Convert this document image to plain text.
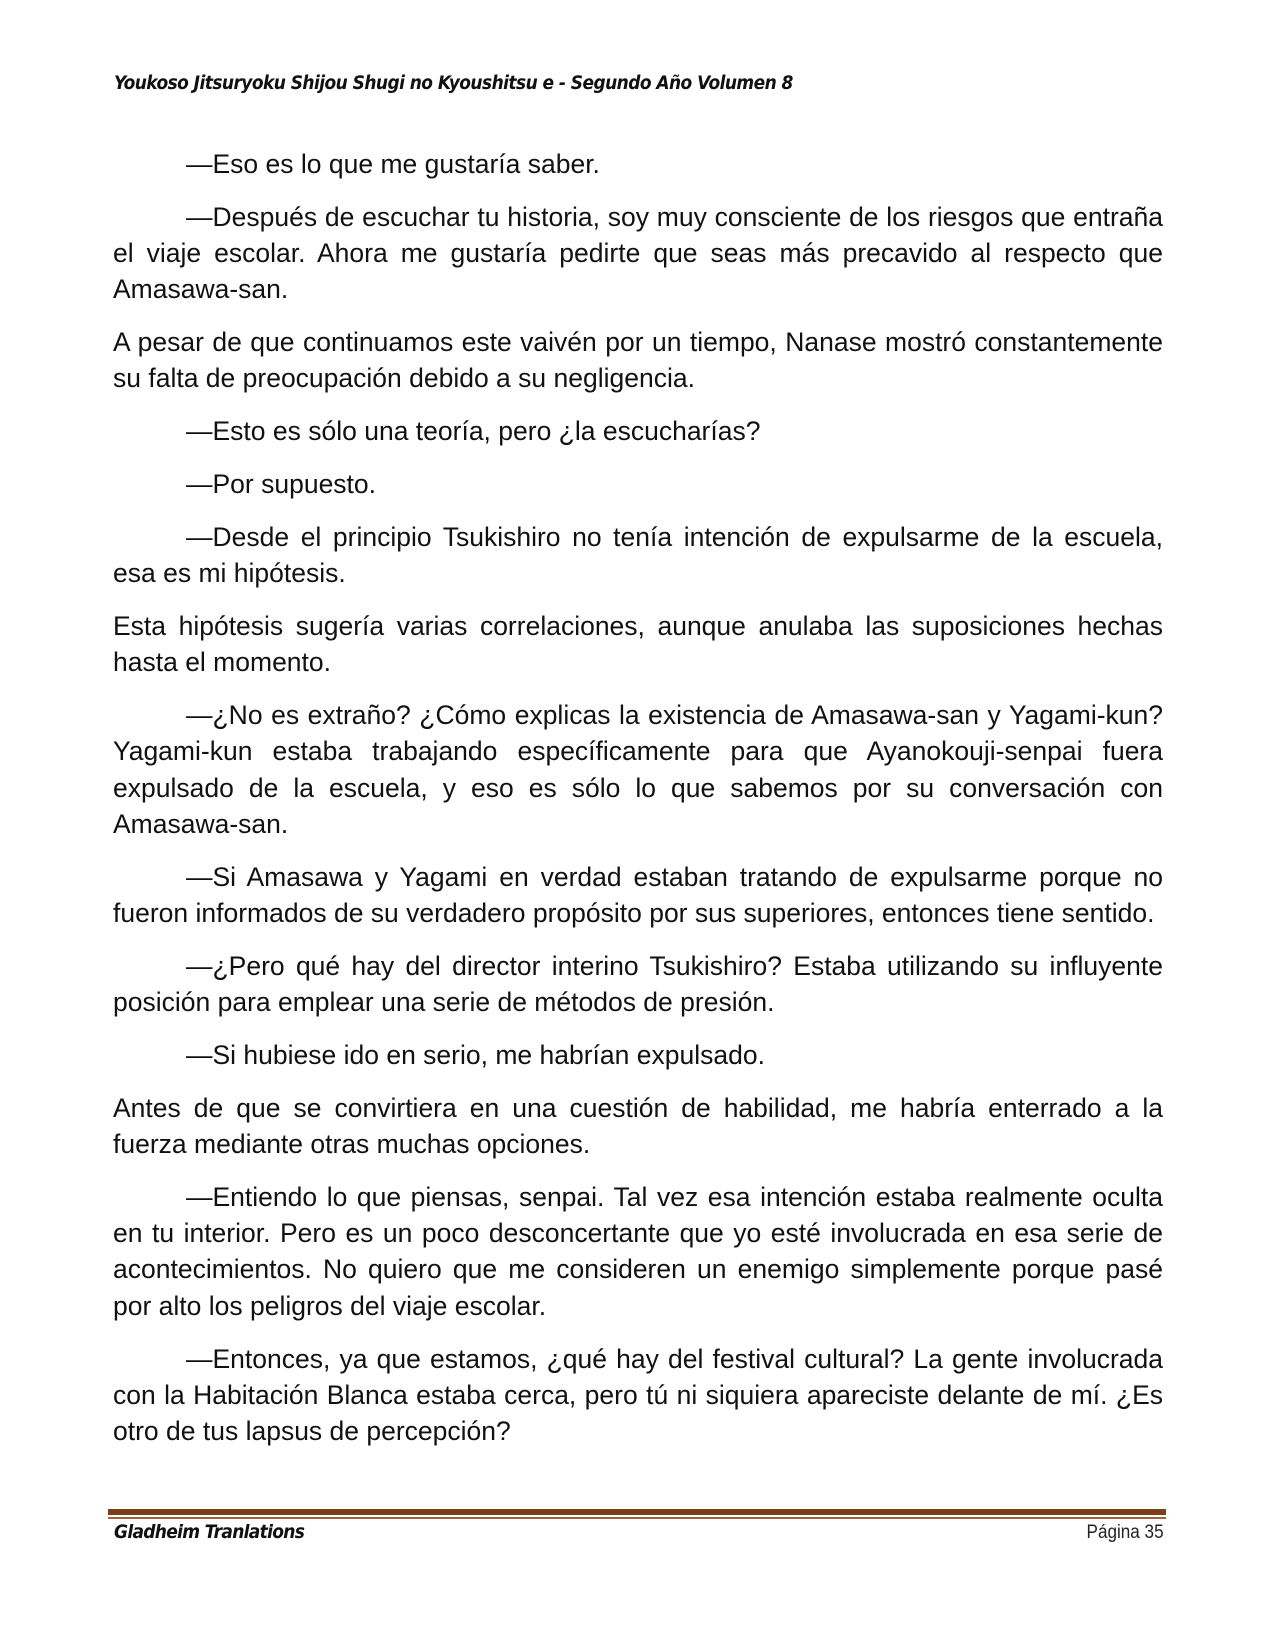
Youkoso Jitsuryoku Shijou Shugi no Kyoushitsu e - Segundo Año Volumen 8

—Eso es lo que me gustaría saber.

—Después de escuchar tu historia, soy muy consciente de los riesgos que entraña el viaje escolar. Ahora me gustaría pedirte que seas más precavido al respecto que Amasawa-san.

A pesar de que continuamos este vaivén por un tiempo, Nanase mostró constantemente su falta de preocupación debido a su negligencia.

—Esto es sólo una teoría, pero ¿la escucharías?

—Por supuesto.

—Desde el principio Tsukishiro no tenía intención de expulsarme de la escuela, esa es mi hipótesis.

Esta hipótesis sugería varias correlaciones, aunque anulaba las suposiciones hechas hasta el momento.

—¿No es extraño? ¿Cómo explicas la existencia de Amasawa-san y Yagami-kun? Yagami-kun estaba trabajando específicamente para que Ayanokouji-senpai fuera expulsado de la escuela, y eso es sólo lo que sabemos por su conversación con Amasawa-san.

—Si Amasawa y Yagami en verdad estaban tratando de expulsarme porque no fueron informados de su verdadero propósito por sus superiores, entonces tiene sentido.

—¿Pero qué hay del director interino Tsukishiro? Estaba utilizando su influyente posición para emplear una serie de métodos de presión.

—Si hubiese ido en serio, me habrían expulsado.

Antes de que se convirtiera en una cuestión de habilidad, me habría enterrado a la fuerza mediante otras muchas opciones.

—Entiendo lo que piensas, senpai. Tal vez esa intención estaba realmente oculta en tu interior. Pero es un poco desconcertante que yo esté involucrada en esa serie de acontecimientos. No quiero que me consideren un enemigo simplemente porque pasé por alto los peligros del viaje escolar.

—Entonces, ya que estamos, ¿qué hay del festival cultural? La gente involucrada con la Habitación Blanca estaba cerca, pero tú ni siquiera apareciste delante de mí. ¿Es otro de tus lapsus de percepción?

Gladheim Tranlations	Página 35
